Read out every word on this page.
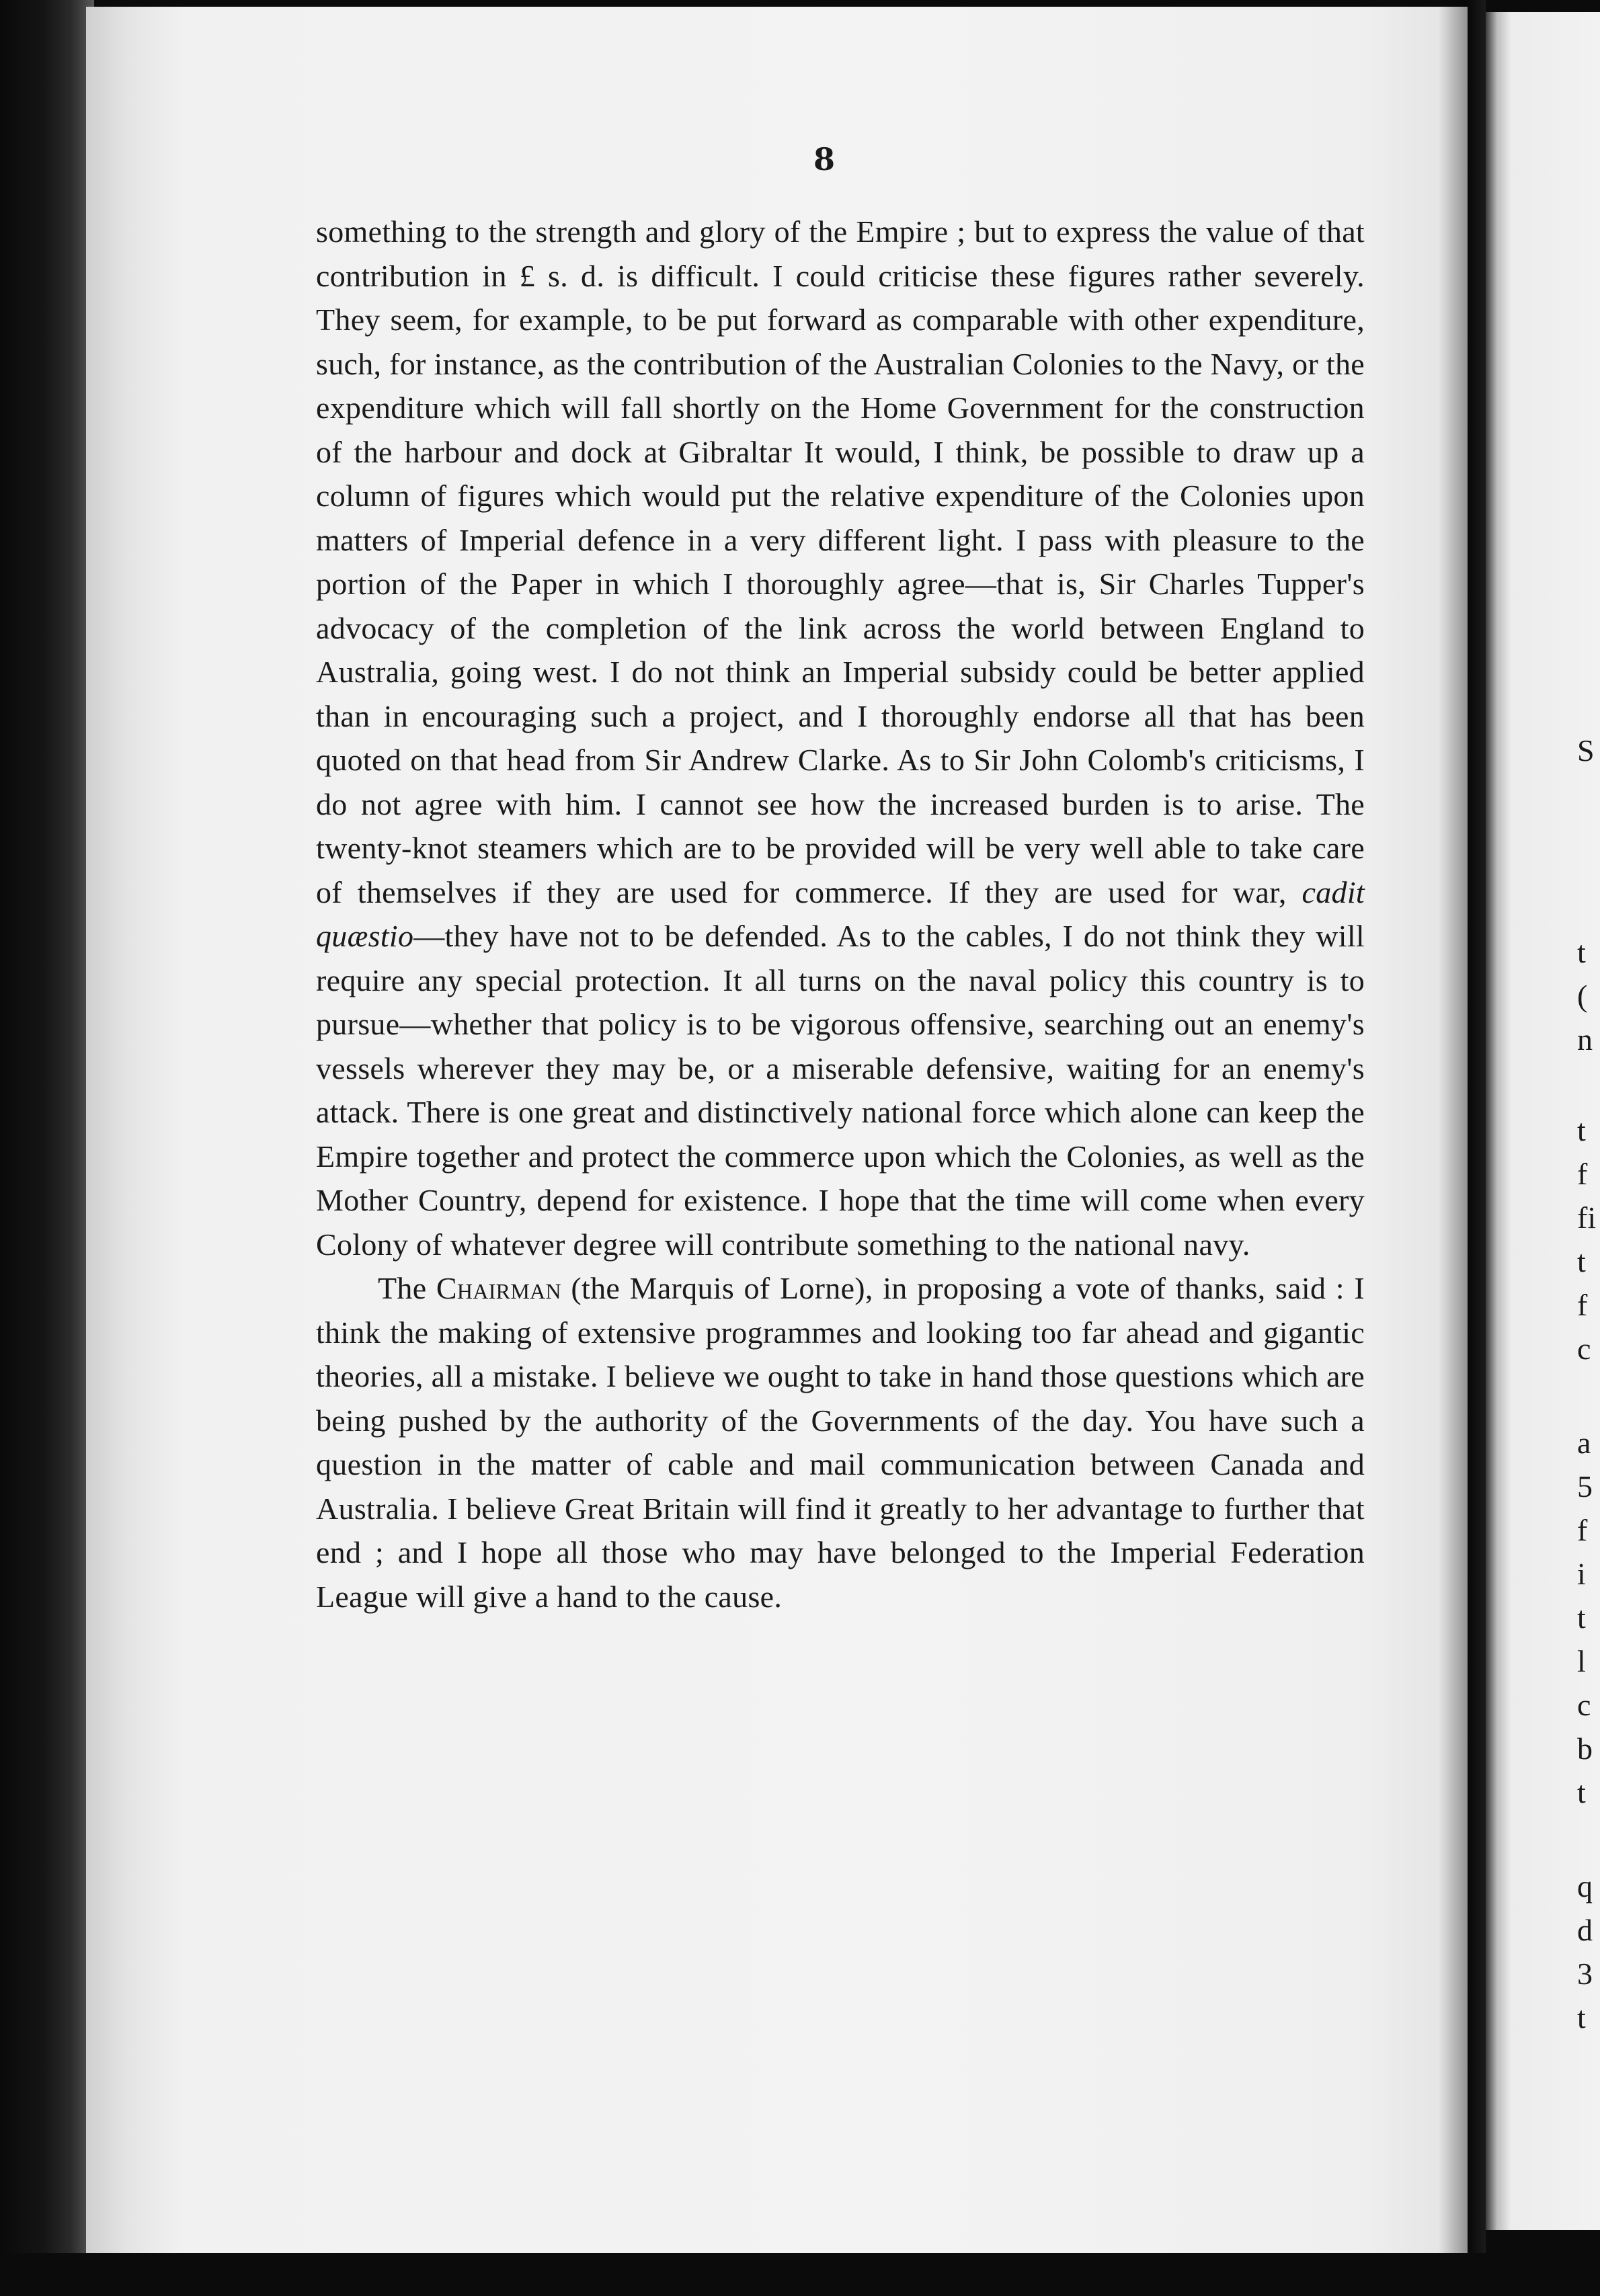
8

something to the strength and glory of the Empire ; but to express the value of that contribution in £ s. d. is difficult. I could criticise these figures rather severely. They seem, for example, to be put forward as comparable with other expenditure, such, for instance, as the contribution of the Australian Colonies to the Navy, or the expenditure which will fall shortly on the Home Government for the construction of the harbour and dock at Gibraltar It would, I think, be possible to draw up a column of figures which would put the relative expenditure of the Colonies upon matters of Imperial defence in a very different light. I pass with pleasure to the portion of the Paper in which I thoroughly agree—that is, Sir Charles Tupper's advocacy of the completion of the link across the world between England to Australia, going west. I do not think an Imperial subsidy could be better applied than in encouraging such a project, and I thoroughly endorse all that has been quoted on that head from Sir Andrew Clarke. As to Sir John Colomb's criticisms, I do not agree with him. I cannot see how the increased burden is to arise. The twenty-knot steamers which are to be provided will be very well able to take care of themselves if they are used for commerce. If they are used for war, cadit quæstio—they have not to be defended. As to the cables, I do not think they will require any special protection. It all turns on the naval policy this country is to pursue—whether that policy is to be vigorous offensive, searching out an enemy's vessels wherever they may be, or a miserable defensive, waiting for an enemy's attack. There is one great and distinctively national force which alone can keep the Empire together and protect the commerce upon which the Colonies, as well as the Mother Country, depend for existence. I hope that the time will come when every Colony of whatever degree will contribute something to the national navy.

The Chairman (the Marquis of Lorne), in proposing a vote of thanks, said : I think the making of extensive programmes and looking too far ahead and gigantic theories, all a mistake. I believe we ought to take in hand those questions which are being pushed by the authority of the Governments of the day. You have such a question in the matter of cable and mail communication between Canada and Australia. I believe Great Britain will find it greatly to her advantage to further that end ; and I hope all those who may have belonged to the Imperial Federation League will give a hand to the cause.

S
t
(
n
t
f
fi
t
f
c
a
5
f
i
t
l
c
b
t
q
d
3
t
